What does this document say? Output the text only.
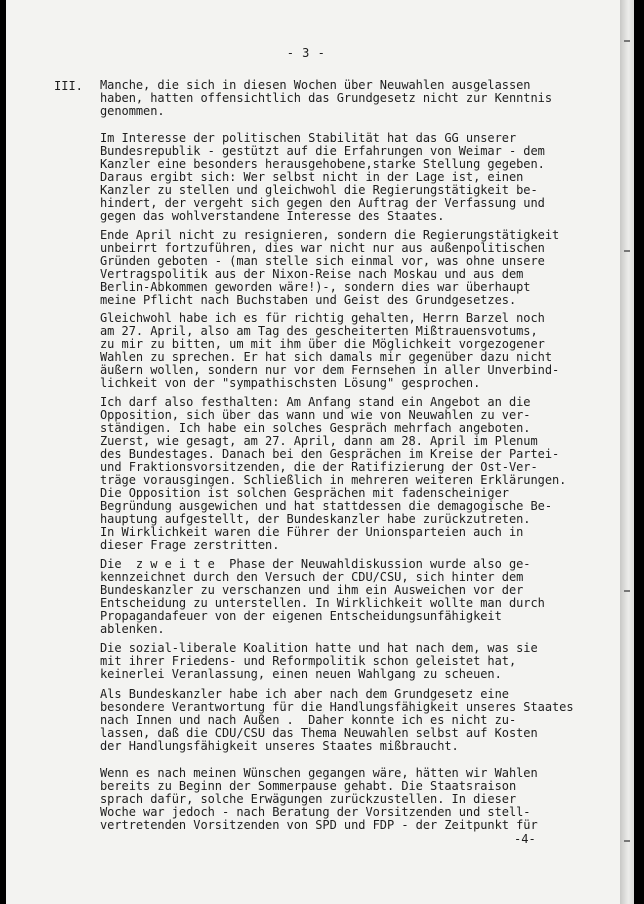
- 3 -
III. Manche, die sich in diesen Wochen über Neuwahlen ausgelassen
haben, hatten offensichtlich das Grundgesetz nicht zur Kenntnis
genommen.

Im Interesse der politischen Stabilität hat das GG unserer
Bundesrepublik - gestützt auf die Erfahrungen von Weimar - dem
Kanzler eine besonders herausgehobene,starke Stellung gegeben.
Daraus ergibt sich: Wer selbst nicht in der Lage ist, einen
Kanzler zu stellen und gleichwohl die Regierungstätigkeit be-
hindert, der vergeht sich gegen den Auftrag der Verfassung und
gegen das wohlverstandene Interesse des Staates.

Ende April nicht zu resignieren, sondern die Regierungstätigkeit
unbeirrt fortzuführen, dies war nicht nur aus außenpolitischen
Gründen geboten - (man stelle sich einmal vor, was ohne unsere
Vertragspolitik aus der Nixon-Reise nach Moskau und aus dem
Berlin-Abkommen geworden wäre!)-, sondern dies war überhaupt
meine Pflicht nach Buchstaben und Geist des Grundgesetzes.

Gleichwohl habe ich es für richtig gehalten, Herrn Barzel noch
am 27. April, also am Tag des gescheiterten Mißtrauensvotums,
zu mir zu bitten, um mit ihm über die Möglichkeit vorgezogener
Wahlen zu sprechen. Er hat sich damals mir gegenüber dazu nicht
äußern wollen, sondern nur vor dem Fernsehen in aller Unverbind-
lichkeit von der "sympathischsten Lösung" gesprochen.

Ich darf also festhalten: Am Anfang stand ein Angebot an die
Opposition, sich über das wann und wie von Neuwahlen zu ver-
ständigen. Ich habe ein solches Gespräch mehrfach angeboten.
Zuerst, wie gesagt, am 27. April, dann am 28. April im Plenum
des Bundestages. Danach bei den Gesprächen im Kreise der Partei-
und Fraktionsvorsitzenden, die der Ratifizierung der Ost-Ver-
träge vorausgingen. Schließlich in mehreren weiteren Erklärungen.
Die Opposition ist solchen Gesprächen mit fadenscheiniger
Begründung ausgewichen und hat stattdessen die demagogische Be-
hauptung aufgestellt, der Bundeskanzler habe zurückzutreten.
In Wirklichkeit waren die Führer der Unionsparteien auch in
dieser Frage zerstritten.

Die  z w e i t e  Phase der Neuwahldiskussion wurde also ge-
kennzeichnet durch den Versuch der CDU/CSU, sich hinter dem
Bundeskanzler zu verschanzen und ihm ein Ausweichen vor der
Entscheidung zu unterstellen. In Wirklichkeit wollte man durch
Propagandafeuer von der eigenen Entscheidungsunfähigkeit
ablenken.

Die sozial-liberale Koalition hatte und hat nach dem, was sie
mit ihrer Friedens- und Reformpolitik schon geleistet hat,
keinerlei Veranlassung, einen neuen Wahlgang zu scheuen.

Als Bundeskanzler habe ich aber nach dem Grundgesetz eine
besondere Verantwortung für die Handlungsfähigkeit unseres Staates
nach Innen und nach Außen .  Daher konnte ich es nicht zu-
lassen, daß die CDU/CSU das Thema Neuwahlen selbst auf Kosten
der Handlungsfähigkeit unseres Staates mißbraucht.

Wenn es nach meinen Wünschen gegangen wäre, hätten wir Wahlen
bereits zu Beginn der Sommerpause gehabt. Die Staatsraison
sprach dafür, solche Erwägungen zurückzustellen. In dieser
Woche war jedoch - nach Beratung der Vorsitzenden und stell-
vertretenden Vorsitzenden von SPD und FDP - der Zeitpunkt für

-4-
